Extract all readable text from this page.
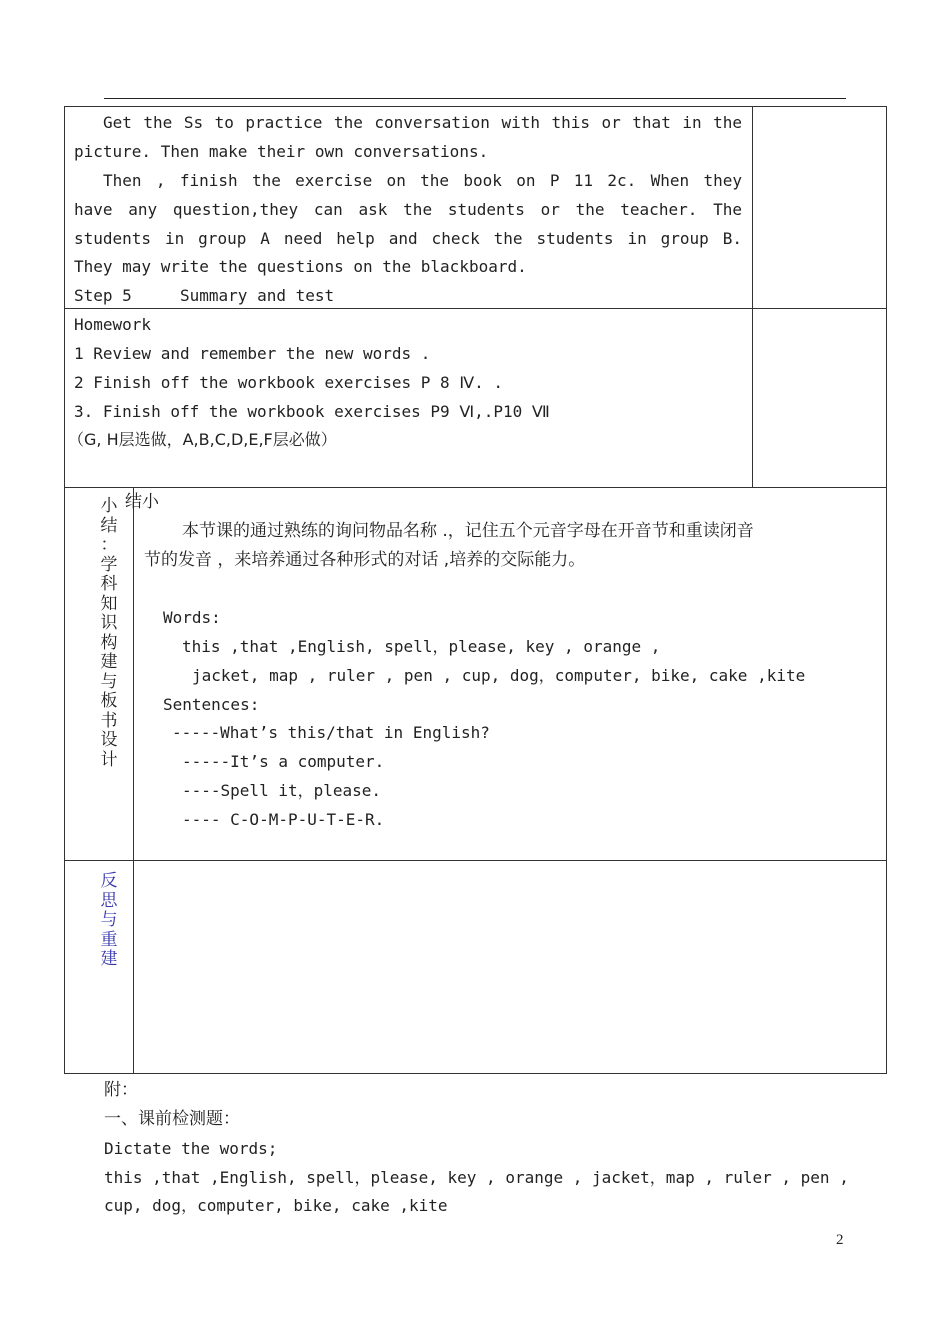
Get the Ss to practice the conversation with this or that in the
picture. Then make their own conversations.
Then , finish the exercise on the book on P 11 2c. When they
have any question,they can ask the students or the teacher. The
students in group A need help and check the students in group B.
They may write the questions on the blackboard.
Step 5	Summary and test
Homework
1 Review and remember the new words .
2 Finish off the workbook exercises P 8 Ⅳ. .
3. Finish off the workbook exercises P9 Ⅵ,.P10 Ⅶ
（G, H层选做，A,B,C,D,E,F层必做）
小
结
：
学
科
知
识
构
建
与
板
书
设
计
结小
本节课的通过熟练的询问物品名称 .，记住五个元音字母在开音节和重读闭音
节的发音 ，来培养通过各种形式的对话 ,培养的交际能力。
Words:
this ,that ,English, spell，please, key , orange ,
jacket, map , ruler , pen , cup, dog，computer, bike, cake ,kite
Sentences:
-----What’s this/that in English?
-----It’s a computer.
----Spell it，please.
---- C-O-M-P-U-T-E-R.
反
思
与
重
建
附：
一、课前检测题：
Dictate the words;
this ,that ,English, spell，please, key , orange , jacket，map , ruler , pen ,
cup, dog，computer, bike, cake ,kite
2
